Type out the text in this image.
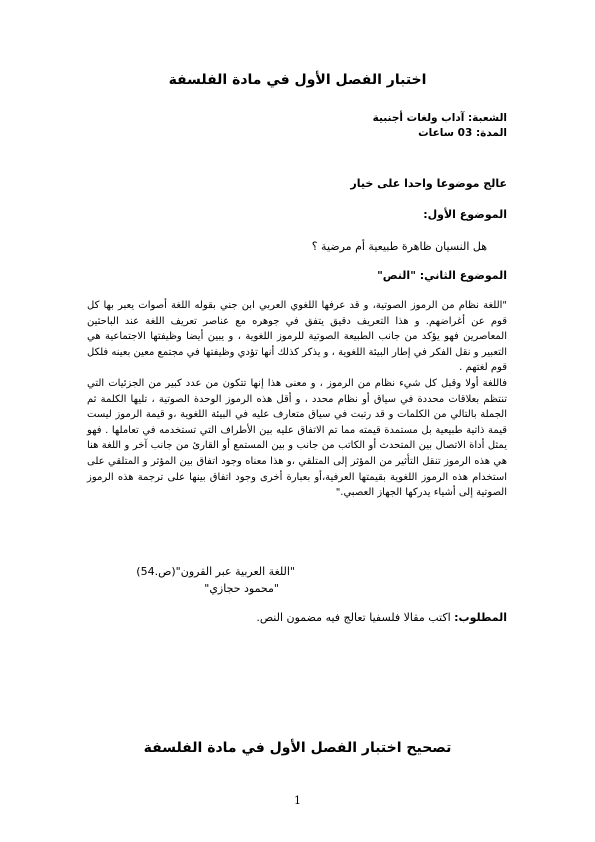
اختبار الفصل الأول في مادة الفلسفة
الشعبة: آداب ولغات أجنبية
المدة: 03 ساعات
عالج موضوعا واحدا على خيار
الموضوع الأول:
هل النسيان ظاهرة طبيعية أم مرضية ؟
الموضوع الثاني: "النص"

"اللغة نظام من الرموز الصوتية، و قد عرفها اللغوي العربي ابن جني بقوله اللغة أصوات يعبر بها كل قوم عن أغراضهم. و هذا التعريف دقيق يتفق في جوهره مع عناصر تعريف اللغة عند الباحثين المعاصرين فهو يؤكد من جانب الطبيعة الصوتية للرموز اللغوية ، و يبين أيضا وظيفتها الاجتماعية هي التعبير و نقل الفكر في إطار البيئة اللغوية ، و يذكر كذلك أنها تؤدي وظيفتها في مجتمع معين بعينه فلكل قوم لغتهم .

فاللغة أولا وقبل كل شيء نظام من الرموز ، و معنى هذا إنها تتكون من عدد كبير من الجزئيات التي تنتظم بعلاقات محددة في سياق أو نظام محدد ، و أقل هذه الرموز الوحدة الصوتية ، تليها الكلمة ثم الجملة بالتالي من الكلمات و قد رتبت في سياق متعارف عليه في البيئة اللغوية ،و قيمة الرموز ليست قيمة ذاتية طبيعية بل مستمدة قيمته مما تم الاتفاق عليه بين الأطراف التي تستخدمه في تعاملها . فهو يمثل أداة الاتصال بين المتحدث أو الكاتب من جانب و بين المستمع أو القارئ من جانب آخر و اللغة هنا هي هذه الرموز تنقل التأثير من المؤثر إلى المتلقي ،و هذا معناه وجود اتفاق بين المؤثر و المتلقي على استخدام هذه الرموز اللغوية بقيمتها العرفية،أو بعبارة أخرى وجود اتفاق بينها على ترجمة هذه الرموز الصوتية إلى أشياء يدركها الجهاز العصبي."

"اللغة العربية عبر القرون"(ص.54)
"محمود حجازي"
المطلوب: اكتب مقالا فلسفيا تعالج فيه مضمون النص.
تصحيح اختبار الفصل الأول في مادة الفلسفة
1
